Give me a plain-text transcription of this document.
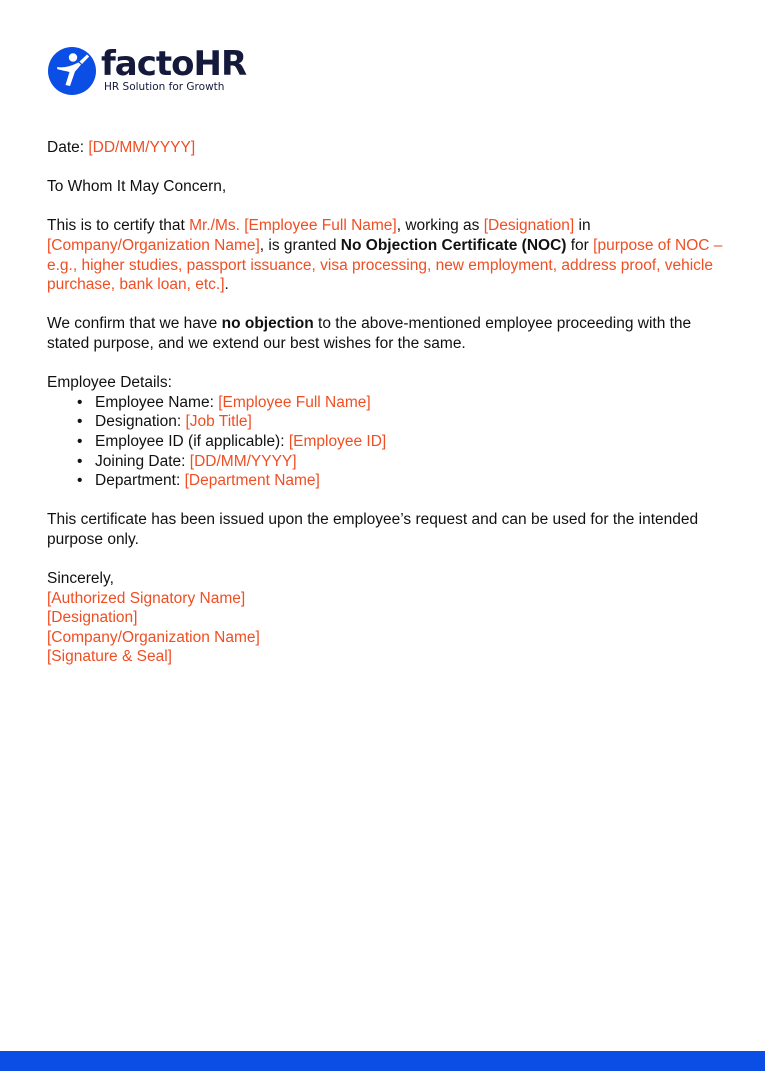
factoHR
HR Solution for Growth

Date: [DD/MM/YYYY]

To Whom It May Concern,

This is to certify that Mr./Ms. [Employee Full Name], working as [Designation] in [Company/Organization Name], is granted No Objection Certificate (NOC) for [purpose of NOC – e.g., higher studies, passport issuance, visa processing, new employment, address proof, vehicle purchase, bank loan, etc.].

We confirm that we have no objection to the above-mentioned employee proceeding with the stated purpose, and we extend our best wishes for the same.

Employee Details:

• Employee Name: [Employee Full Name]
• Designation: [Job Title]
• Employee ID (if applicable): [Employee ID]
• Joining Date: [DD/MM/YYYY]
• Department: [Department Name]

This certificate has been issued upon the employee’s request and can be used for the intended purpose only.

Sincerely,

[Authorized Signatory Name]

[Designation]

[Company/Organization Name]

[Signature & Seal]
